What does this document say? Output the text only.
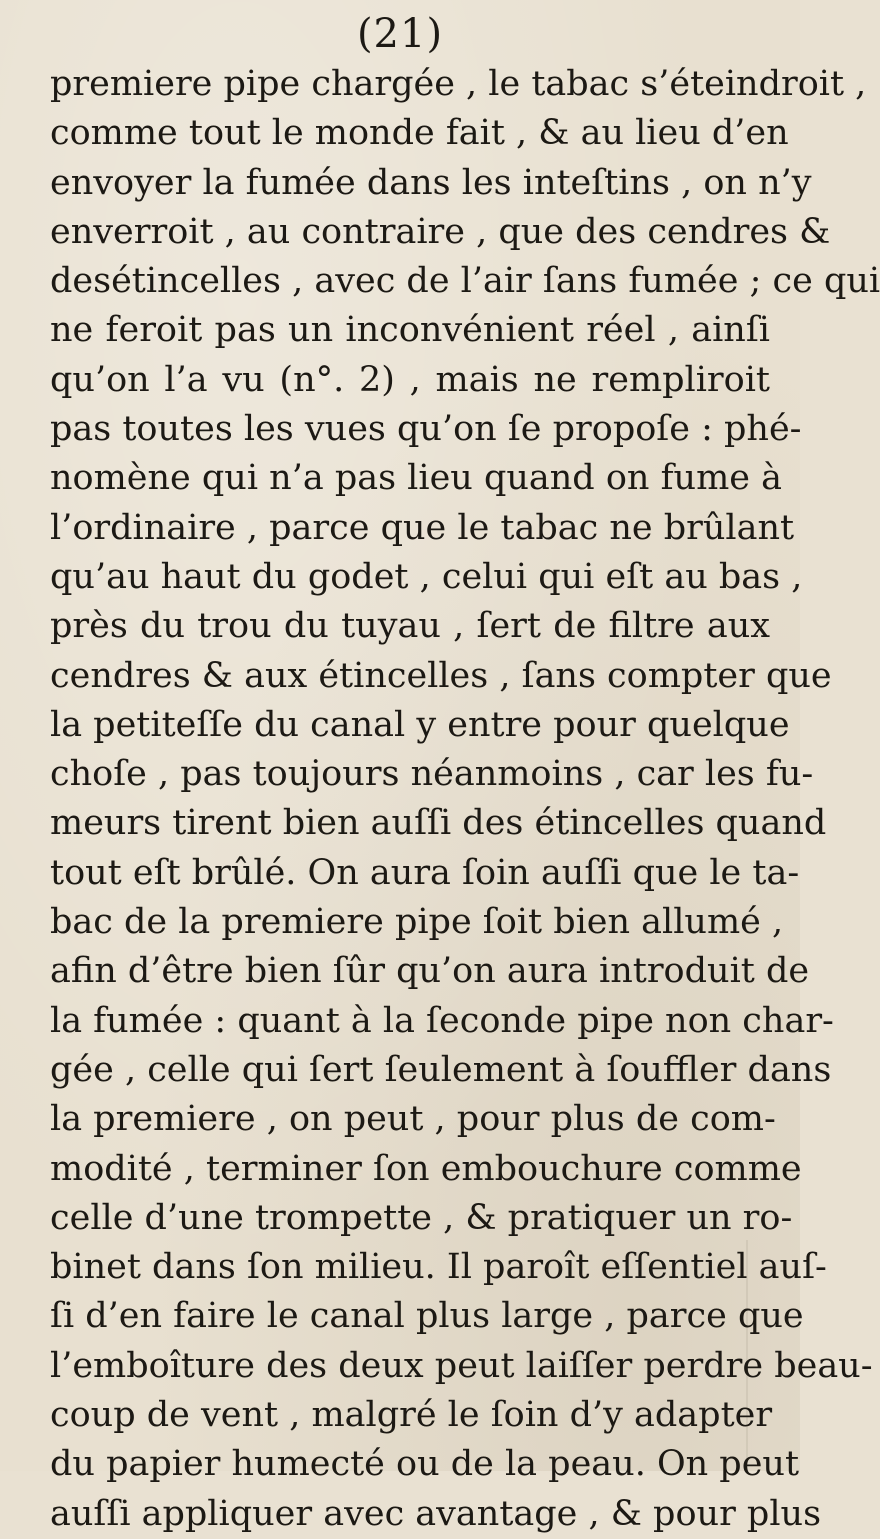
(21)
premiere pipe chargée , le tabac s’éteindroit ,
comme tout le monde fait , & au lieu d’en
envoyer la fumée dans les inteſtins , on n’y
enverroit , au contraire , que des cendres &
desétincelles , avec de l’air ſans fumée ; ce qui
ne feroit pas un inconvénient réel , ainſi
qu’on l’a vu (n°. 2) , mais ne rempliroit
pas toutes les vues qu’on ſe propoſe : phé-
nomène qui n’a pas lieu quand on fume à
l’ordinaire , parce que le tabac ne brûlant
qu’au haut du godet , celui qui eſt au bas ,
près du trou du tuyau , ſert de filtre aux
cendres & aux étincelles , ſans compter que
la petiteſſe du canal y entre pour quelque
choſe , pas toujours néanmoins , car les fu-
meurs tirent bien auſſi des étincelles quand
tout eſt brûlé. On aura ſoin auſſi que le ta-
bac de la premiere pipe ſoit bien allumé ,
afin d’être bien ſûr qu’on aura introduit de
la fumée : quant à la ſeconde pipe non char-
gée , celle qui ſert ſeulement à ſouffler dans
la premiere , on peut , pour plus de com-
modité , terminer ſon embouchure comme
celle d’une trompette , & pratiquer un ro-
binet dans ſon milieu. Il paroît eſſentiel auſ-
ſi d’en faire le canal plus large , parce que
l’emboîture des deux peut laiſſer perdre beau-
coup de vent , malgré le ſoin d’y adapter
du papier humecté ou de la peau. On peut
auſſi appliquer avec avantage , & pour plus
